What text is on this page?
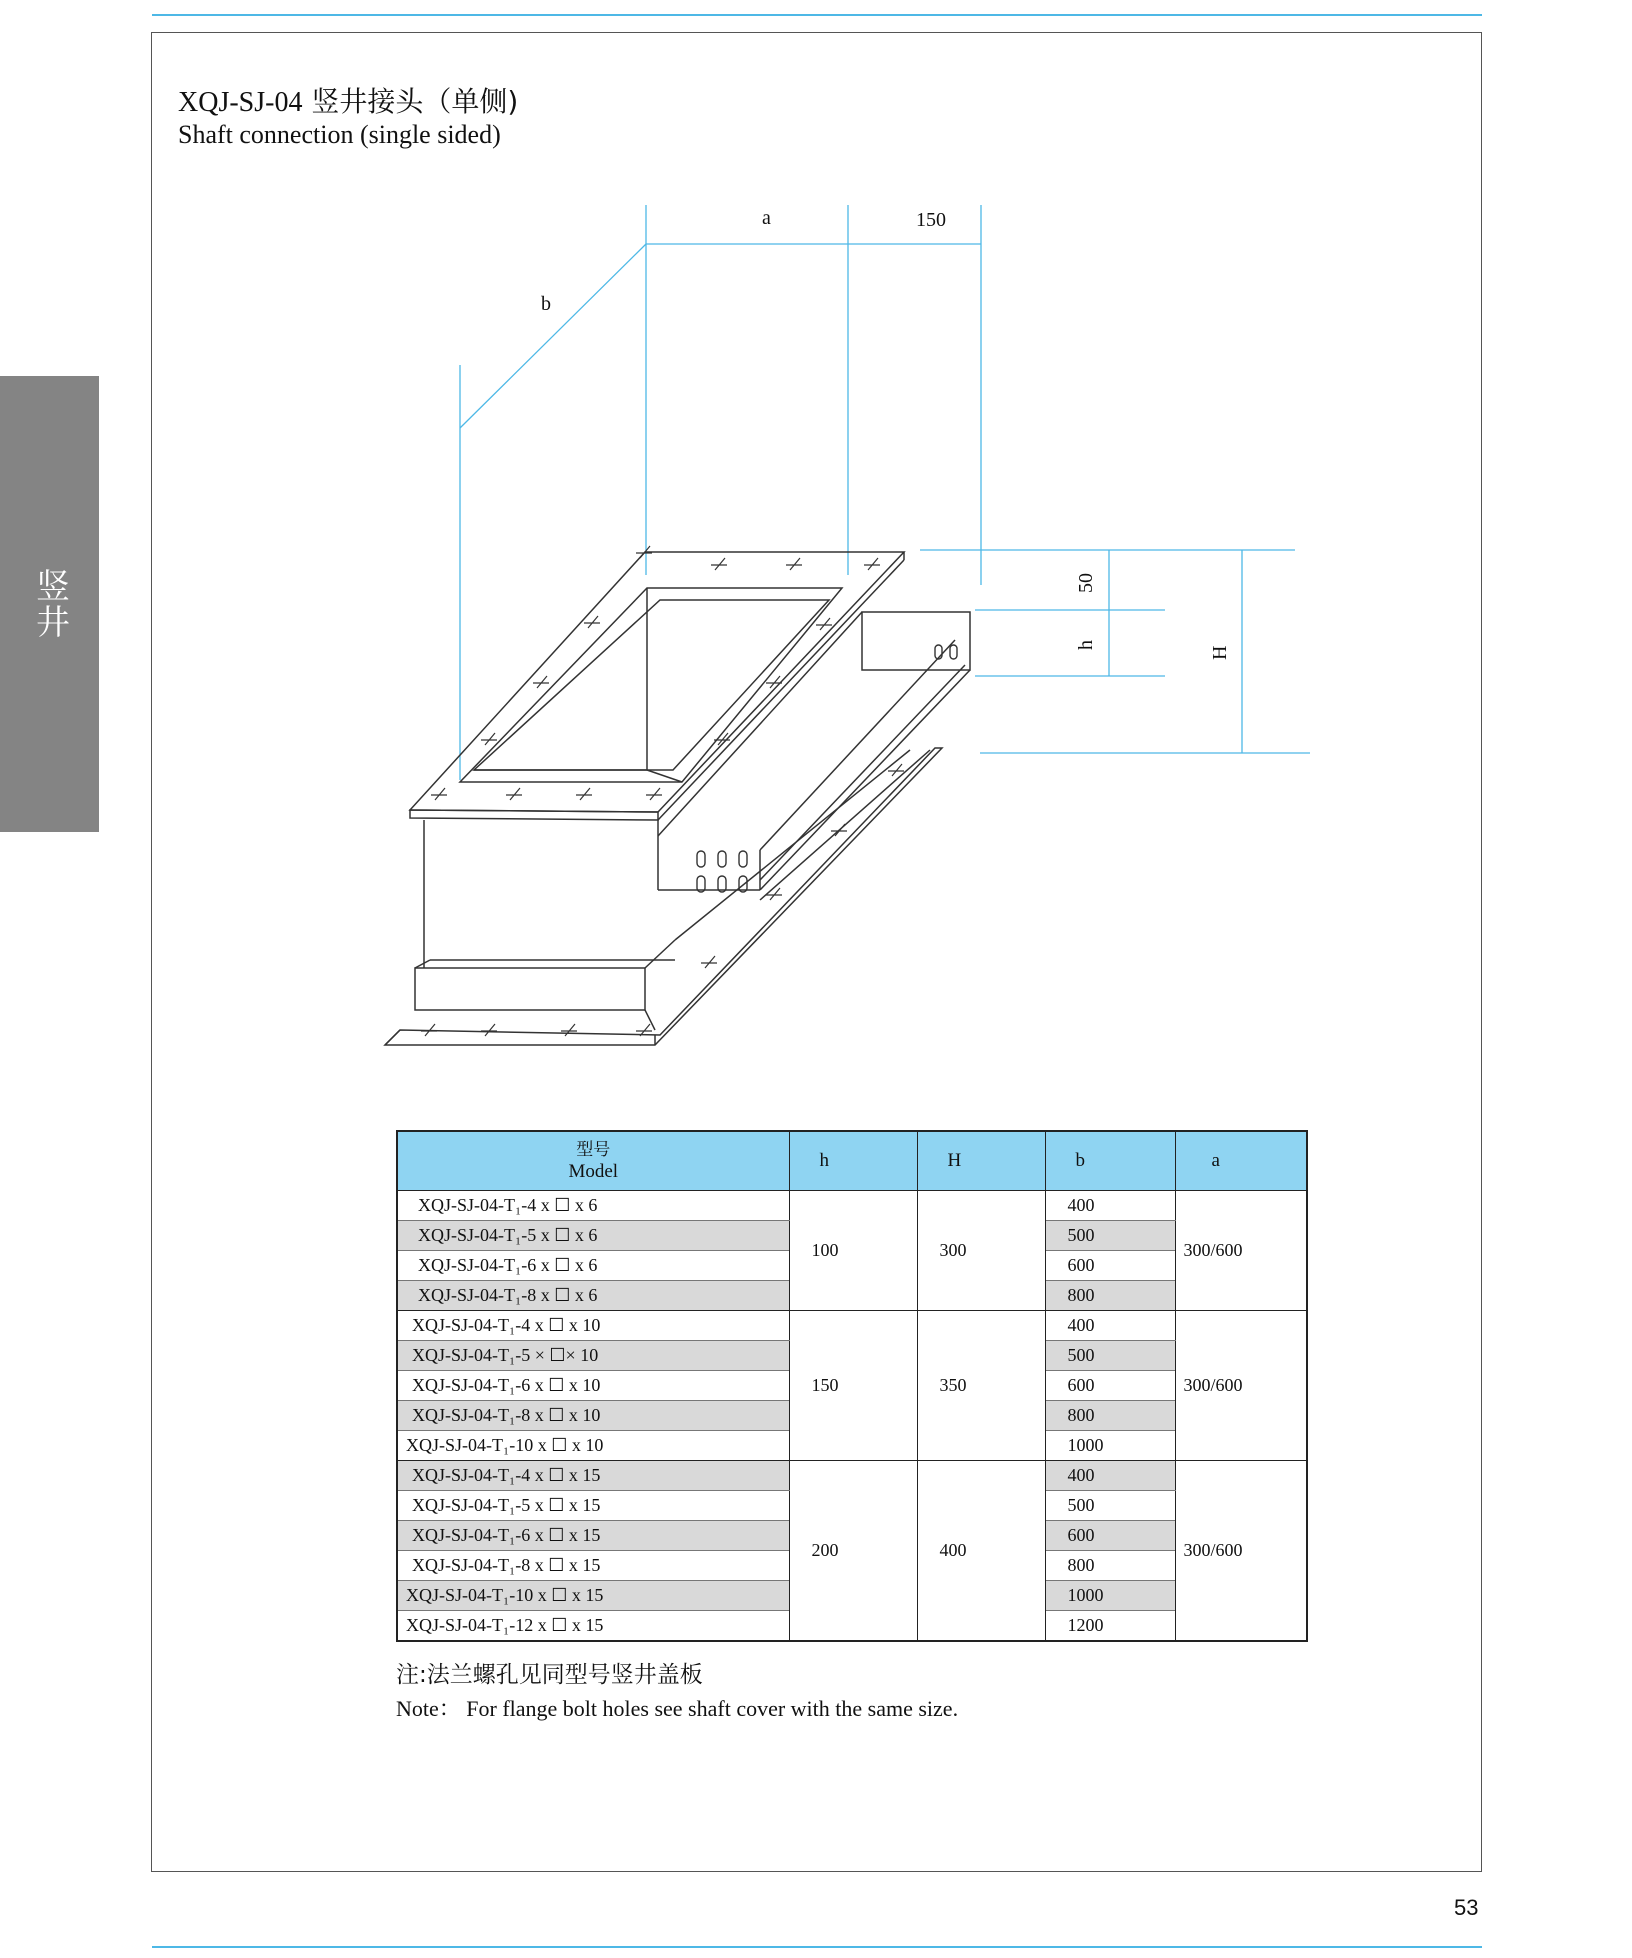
竖井
XQJ-SJ-04 竖井接头（单侧)
Shaft connection (single sided)
a	150
b
50
h
H
型号
Model	h	H	b	a
XQJ-SJ-04-T₁-4 x ☐ x 6	100	300	400	300/600
XQJ-SJ-04-T₁-5 x ☐ x 6			500	
XQJ-SJ-04-T₁-6 x ☐ x 6			600	
XQJ-SJ-04-T₁-8 x ☐ x 6			800	
XQJ-SJ-04-T₁-4 x ☐ x 10	150	350	400	300/600
XQJ-SJ-04-T₁-5 × ☐× 10			500	
XQJ-SJ-04-T₁-6 x ☐ x 10			600	
XQJ-SJ-04-T₁-8 x ☐ x 10			800	
XQJ-SJ-04-T₁-10 x ☐ x 10			1000	
XQJ-SJ-04-T₁-4 x ☐ x 15	200	400	400	300/600
XQJ-SJ-04-T₁-5 x ☐ x 15			500	
XQJ-SJ-04-T₁-6 x ☐ x 15			600	
XQJ-SJ-04-T₁-8 x ☐ x 15			800	
XQJ-SJ-04-T₁-10 x ☐ x 15			1000	
XQJ-SJ-04-T₁-12 x ☐ x 15			1200	
注:法兰螺孔见同型号竖井盖板
Note： For flange bolt holes see shaft cover with the same size.
53
